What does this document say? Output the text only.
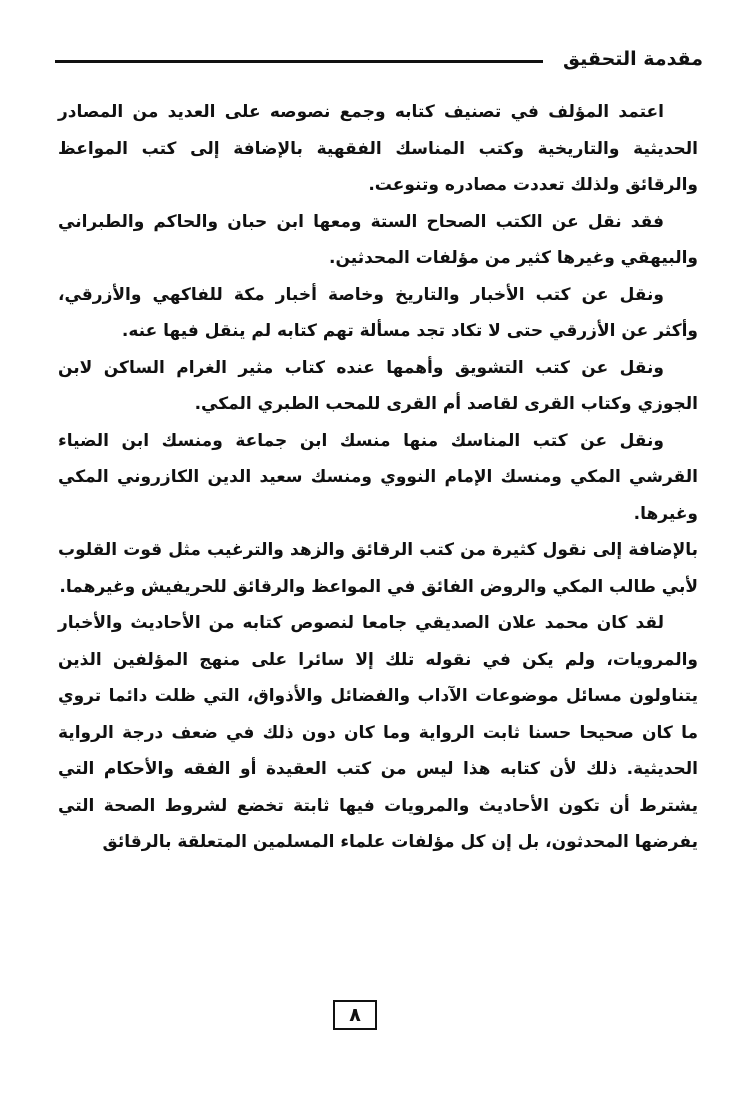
مقدمة التحقيق

اعتمد المؤلف في تصنيف كتابه وجمع نصوصه على العديد من المصادر الحديثية والتاريخية وكتب المناسك الفقهية بالإضافة إلى كتب المواعظ والرقائق ولذلك تعددت مصادره وتنوعت.

فقد نقل عن الكتب الصحاح الستة ومعها ابن حبان والحاكم والطبراني والبيهقي وغيرها كثير من مؤلفات المحدثين.

ونقل عن كتب الأخبار والتاريخ وخاصة أخبار مكة للفاكهي والأزرقي، وأكثر عن الأزرقي حتى لا تكاد تجد مسألة تهم كتابه لم ينقل فيها عنه.

ونقل عن كتب التشويق وأهمها عنده كتاب مثير الغرام الساكن لابن الجوزي وكتاب القرى لقاصد أم القرى للمحب الطبري المكي.

ونقل عن كتب المناسك منها منسك ابن جماعة ومنسك ابن الضياء القرشي المكي ومنسك الإمام النووي ومنسك سعيد الدين الكازروني المكي وغيرها.

بالإضافة إلى نقول كثيرة من كتب الرقائق والزهد والترغيب مثل قوت القلوب لأبي طالب المكي والروض الفائق في المواعظ والرقائق للحريفيش وغيرهما.

لقد كان محمد علان الصديقي جامعا لنصوص كتابه من الأحاديث والأخبار والمرويات، ولم يكن في نقوله تلك إلا سائرا على منهج المؤلفين الذين يتناولون مسائل موضوعات الآداب والفضائل والأذواق، التي ظلت دائما تروي ما كان صحيحا حسنا ثابت الرواية وما كان دون ذلك في ضعف درجة الرواية الحديثية. ذلك لأن كتابه هذا ليس من كتب العقيدة أو الفقه والأحكام التي يشترط أن تكون الأحاديث والمرويات فيها ثابتة تخضع لشروط الصحة التي يفرضها المحدثون، بل إن كل مؤلفات علماء المسلمين المتعلقة بالرقائق

٨
